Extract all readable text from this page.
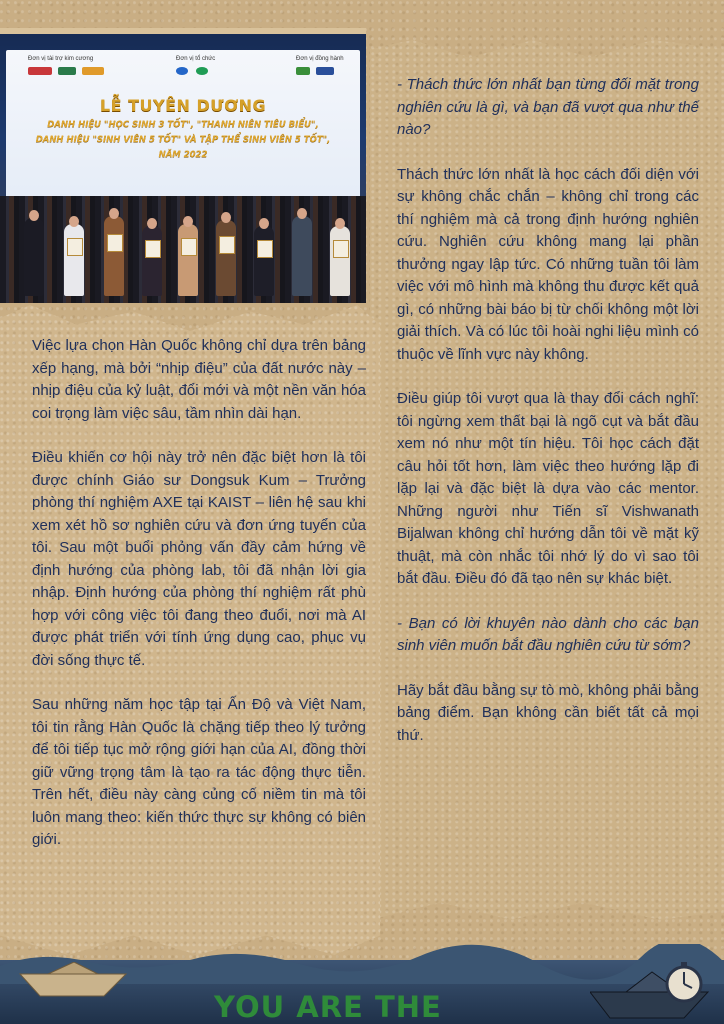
Đơn vị tài trợ kim cương	Đơn vị tổ chức	Đơn vị đồng hành
LỄ TUYÊN DƯƠNG
DANH HIỆU "HỌC SINH 3 TỐT", "THANH NIÊN TIÊU BIỂU",
DANH HIỆU "SINH VIÊN 5 TỐT" VÀ TẬP THỂ SINH VIÊN 5 TỐT",
NĂM 2022

Việc lựa chọn Hàn Quốc không chỉ dựa trên bảng xếp hạng, mà bởi “nhịp điệu” của đất nước này – nhịp điệu của kỷ luật, đổi mới và một nền văn hóa coi trọng làm việc sâu, tầm nhìn dài hạn.

Điều khiến cơ hội này trở nên đặc biệt hơn là tôi được chính Giáo sư Dongsuk Kum – Trưởng phòng thí nghiệm AXE tại KAIST – liên hệ sau khi xem xét hồ sơ nghiên cứu và đơn ứng tuyển của tôi. Sau một buổi phỏng vấn đầy cảm hứng về định hướng của phòng lab, tôi đã nhận lời gia nhập. Định hướng của phòng thí nghiệm rất phù hợp với công việc tôi đang theo đuổi, nơi mà AI được phát triển với tính ứng dụng cao, phục vụ đời sống thực tế.

Sau những năm học tập tại Ấn Độ và Việt Nam, tôi tin rằng Hàn Quốc là chặng tiếp theo lý tưởng để tôi tiếp tục mở rộng giới hạn của AI, đồng thời giữ vững trọng tâm là tạo ra tác động thực tiễn. Trên hết, điều này càng củng cố niềm tin mà tôi luôn mang theo: kiến thức thực sự không có biên giới.

- Thách thức lớn nhất bạn từng đối mặt trong nghiên cứu là gì, và bạn đã vượt qua như thế nào?

Thách thức lớn nhất là học cách đối diện với sự không chắc chắn – không chỉ trong các thí nghiệm mà cả trong định hướng nghiên cứu. Nghiên cứu không mang lại phần thưởng ngay lập tức. Có những tuần tôi làm việc với mô hình mà không thu được kết quả gì, có những bài báo bị từ chối không một lời giải thích. Và có lúc tôi hoài nghi liệu mình có thuộc về lĩnh vực này không.

Điều giúp tôi vượt qua là thay đổi cách nghĩ: tôi ngừng xem thất bại là ngõ cụt và bắt đầu xem nó như một tín hiệu. Tôi học cách đặt câu hỏi tốt hơn, làm việc theo hướng lặp đi lặp lại và đặc biệt là dựa vào các mentor. Những người như Tiến sĩ Vishwanath Bijalwan không chỉ hướng dẫn tôi về mặt kỹ thuật, mà còn nhắc tôi nhớ lý do vì sao tôi bắt đầu. Điều đó đã tạo nên sự khác biệt.

- Bạn có lời khuyên nào dành cho các bạn sinh viên muốn bắt đầu nghiên cứu từ sớm?

Hãy bắt đầu bằng sự tò mò, không phải bằng bảng điểm. Bạn không cần biết tất cả mọi thứ.

YOU ARE THE
